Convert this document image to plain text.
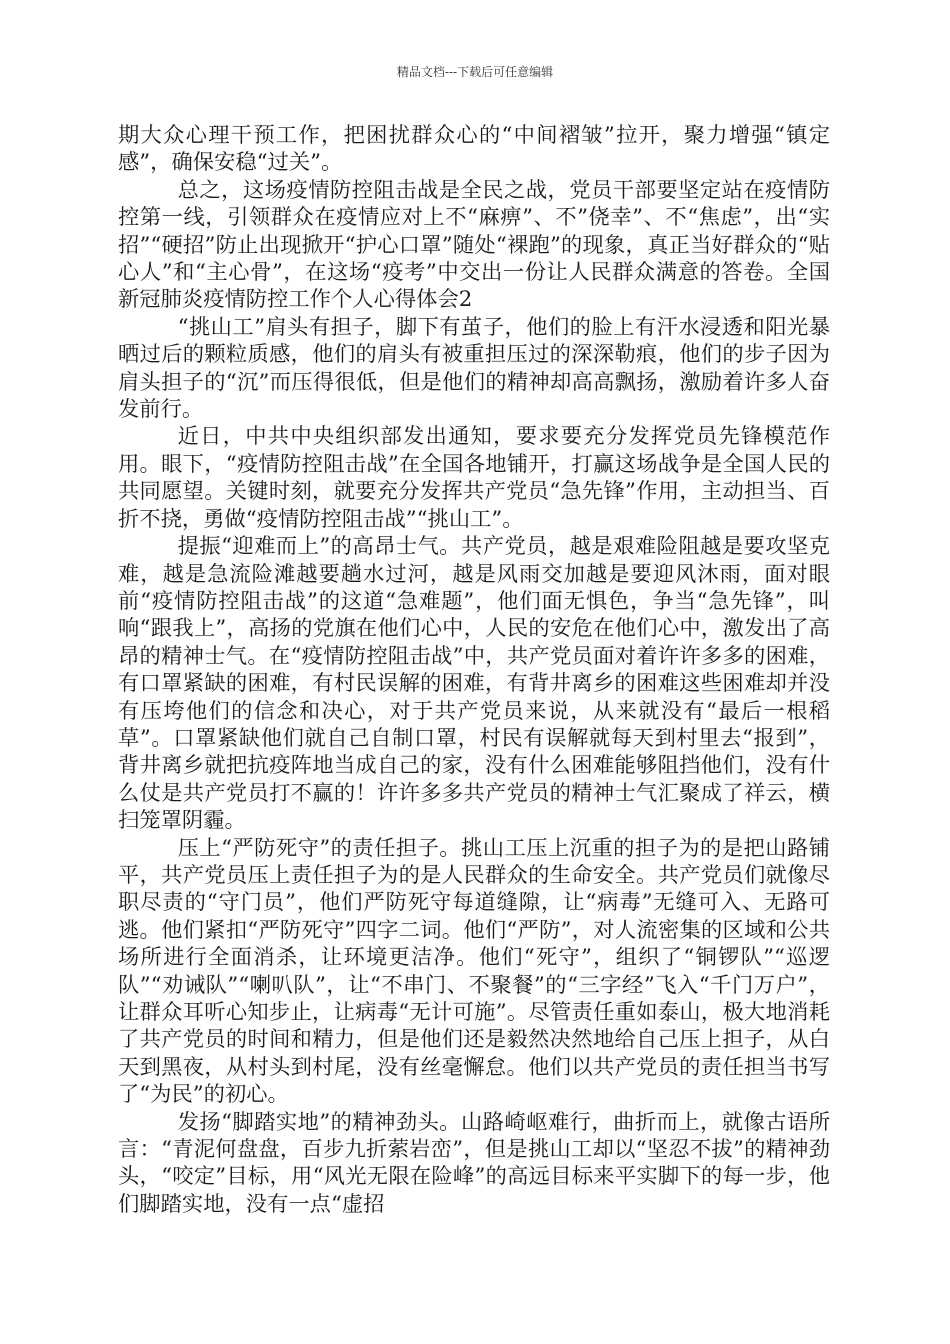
精品文档---下载后可任意编辑

期大众心理干预工作，把困扰群众心的“中间褶皱”拉开，聚力增强“镇定感”，确保安稳“过关”。

总之，这场疫情防控阻击战是全民之战，党员干部要坚定站在疫情防控第一线，引领群众在疫情应对上不“麻痹”、不”侥幸”、不“焦虑”，出“实招”“硬招”防止出现掀开“护心口罩”随处“裸跑”的现象，真正当好群众的“贴心人”和“主心骨”，在这场“疫考”中交出一份让人民群众满意的答卷。全国新冠肺炎疫情防控工作个人心得体会2

“挑山工”肩头有担子，脚下有茧子，他们的脸上有汗水浸透和阳光暴晒过后的颗粒质感，他们的肩头有被重担压过的深深勒痕，他们的步子因为肩头担子的“沉”而压得很低，但是他们的精神却高高飘扬，激励着许多人奋发前行。

近日，中共中央组织部发出通知，要求要充分发挥党员先锋模范作用。眼下，“疫情防控阻击战”在全国各地铺开，打赢这场战争是全国人民的共同愿望。关键时刻，就要充分发挥共产党员“急先锋”作用，主动担当、百折不挠，勇做“疫情防控阻击战”“挑山工”。

提振“迎难而上”的高昂士气。共产党员，越是艰难险阻越是要攻坚克难，越是急流险滩越要趟水过河，越是风雨交加越是要迎风沐雨，面对眼前“疫情防控阻击战”的这道“急难题”，他们面无惧色，争当“急先锋”，叫响“跟我上”，高扬的党旗在他们心中，人民的安危在他们心中，激发出了高昂的精神士气。在“疫情防控阻击战”中，共产党员面对着许许多多的困难，有口罩紧缺的困难，有村民误解的困难，有背井离乡的困难这些困难却并没有压垮他们的信念和决心，对于共产党员来说，从来就没有“最后一根稻草”。口罩紧缺他们就自己自制口罩，村民有误解就每天到村里去“报到”，背井离乡就把抗疫阵地当成自己的家，没有什么困难能够阻挡他们，没有什么仗是共产党员打不赢的！许许多多共产党员的精神士气汇聚成了祥云，横扫笼罩阴霾。

压上“严防死守”的责任担子。挑山工压上沉重的担子为的是把山路铺平，共产党员压上责任担子为的是人民群众的生命安全。共产党员们就像尽职尽责的“守门员”，他们严防死守每道缝隙，让“病毒”无缝可入、无路可逃。他们紧扣“严防死守”四字二词。他们“严防”，对人流密集的区域和公共场所进行全面消杀，让环境更洁净。他们“死守”，组织了“铜锣队”“巡逻队”“劝诫队”“喇叭队”，让“不串门、不聚餐”的“三字经”飞入“千门万户”，让群众耳听心知步止，让病毒“无计可施”。尽管责任重如泰山，极大地消耗了共产党员的时间和精力，但是他们还是毅然决然地给自己压上担子，从白天到黑夜，从村头到村尾，没有丝毫懈怠。他们以共产党员的责任担当书写了“为民”的初心。

发扬“脚踏实地”的精神劲头。山路崎岖难行，曲折而上，就像古语所言：“青泥何盘盘，百步九折萦岩峦”，但是挑山工却以“坚忍不拔”的精神劲头，“咬定”目标，用“风光无限在险峰”的高远目标来平实脚下的每一步，他们脚踏实地，没有一点“虚招
